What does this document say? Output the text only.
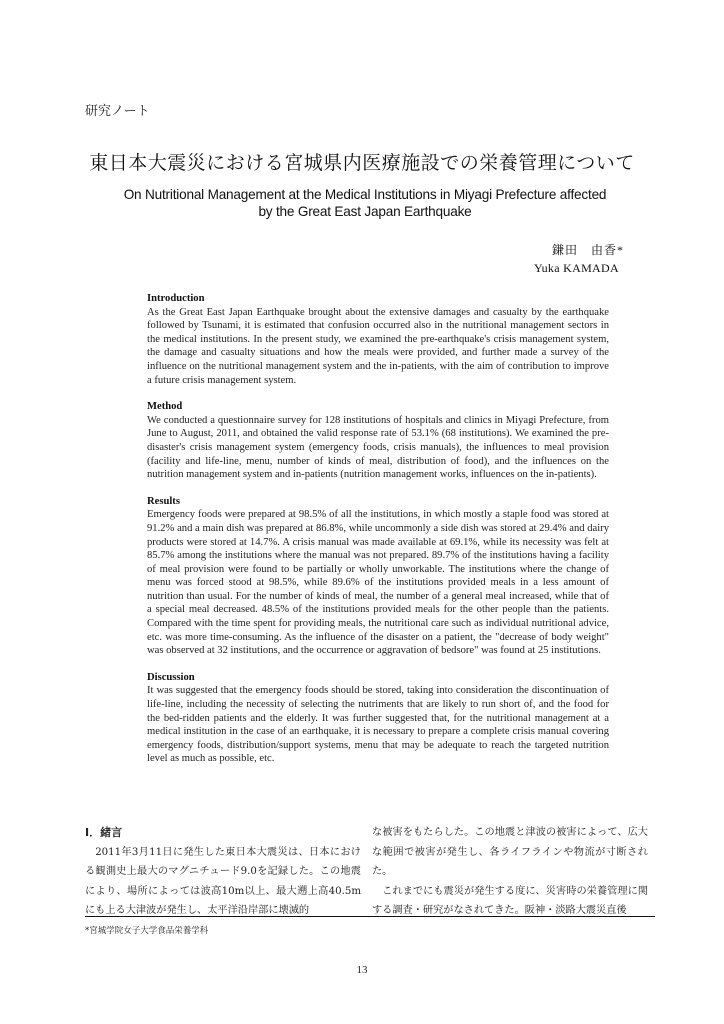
研究ノート
東日本大震災における宮城県内医療施設での栄養管理について
On Nutritional Management at the Medical Institutions in Miyagi Prefecture affected
by the Great East Japan Earthquake
鎌田　由香*
Yuka KAMADA
Introduction

As the Great East Japan Earthquake brought about the extensive damages and casualty by the earthquake followed by Tsunami, it is estimated that confusion occurred also in the nutritional management sectors in the medical institutions. In the present study, we examined the pre-earthquake's crisis management system, the damage and casualty situations and how the meals were provided, and further made a survey of the influence on the nutritional management system and the in-patients, with the aim of contribution to improve a future crisis management system.

Method

We conducted a questionnaire survey for 128 institutions of hospitals and clinics in Miyagi Prefecture, from June to August, 2011, and obtained the valid response rate of 53.1% (68 institutions). We examined the pre-disaster's crisis management system (emergency foods, crisis manuals), the influences to meal provision (facility and life-line, menu, number of kinds of meal, distribution of food), and the influences on the nutrition management system and in-patients (nutrition management works, influences on the in-patients).

Results

Emergency foods were prepared at 98.5% of all the institutions, in which mostly a staple food was stored at 91.2% and a main dish was prepared at 86.8%, while uncommonly a side dish was stored at 29.4% and dairy products were stored at 14.7%. A crisis manual was made available at 69.1%, while its necessity was felt at 85.7% among the institutions where the manual was not prepared. 89.7% of the institutions having a facility of meal provision were found to be partially or wholly unworkable. The institutions where the change of menu was forced stood at 98.5%, while 89.6% of the institutions provided meals in a less amount of nutrition than usual. For the number of kinds of meal, the number of a general meal increased, while that of a special meal decreased. 48.5% of the institutions provided meals for the other people than the patients. Compared with the time spent for providing meals, the nutritional care such as individual nutritional advice, etc. was more time-consuming. As the influence of the disaster on a patient, the "decrease of body weight" was observed at 32 institutions, and the occurrence or aggravation of bedsore" was found at 25 institutions.

Discussion

It was suggested that the emergency foods should be stored, taking into consideration the discontinuation of life-line, including the necessity of selecting the nutriments that are likely to run short of, and the food for the bed-ridden patients and the elderly. It was further suggested that, for the nutritional management at a medical institution in the case of an earthquake, it is necessary to prepare a complete crisis manual covering emergency foods, distribution/support systems, menu that may be adequate to reach the targeted nutrition level as much as possible, etc.

Ⅰ．緒言

2011年3月11日に発生した東日本大震災は、日本における観測史上最大のマグニチュード9.0を記録した。この地震により、場所によっては波高10m以上、最大遡上高40.5mにも上る大津波が発生し、太平洋沿岸部に壊滅的

な被害をもたらした。この地震と津波の被害によって、広大な範囲で被害が発生し、各ライフラインや物流が寸断された。

これまでにも震災が発生する度に、災害時の栄養管理に関する調査・研究がなされてきた。阪神・淡路大震災直後

*宮城学院女子大学食品栄養学科
13
